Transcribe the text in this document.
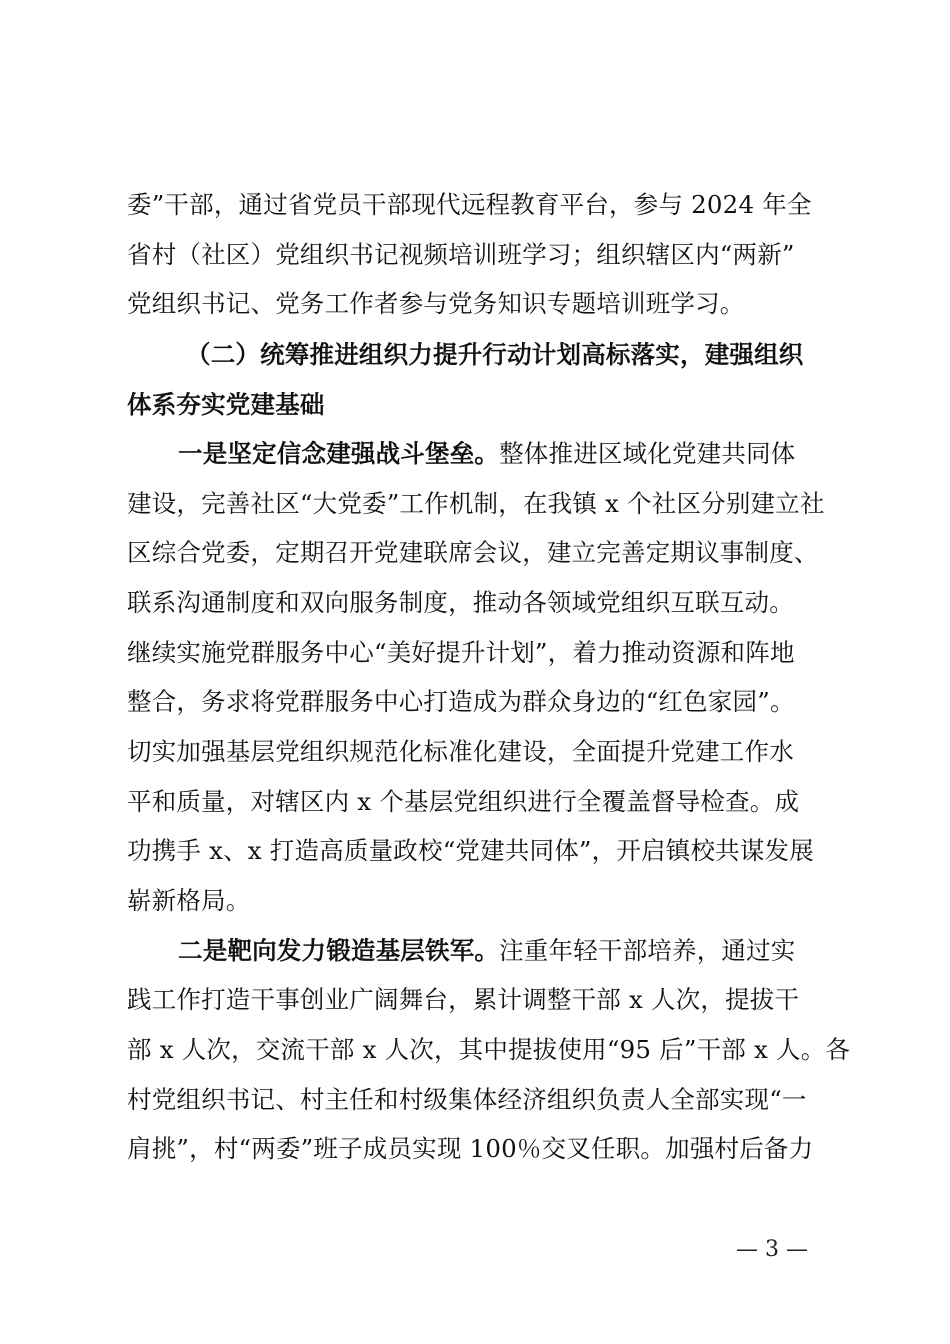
委”干部，通过省党员干部现代远程教育平台，参与 2024 年全
省村（社区）党组织书记视频培训班学习；组织辖区内“两新”
党组织书记、党务工作者参与党务知识专题培训班学习。
（二）统筹推进组织力提升行动计划高标落实，建强组织
体系夯实党建基础
一是坚定信念建强战斗堡垒。整体推进区域化党建共同体
建设，完善社区“大党委”工作机制，在我镇 x 个社区分别建立社
区综合党委，定期召开党建联席会议，建立完善定期议事制度、
联系沟通制度和双向服务制度，推动各领域党组织互联互动。
继续实施党群服务中心“美好提升计划”，着力推动资源和阵地
整合，务求将党群服务中心打造成为群众身边的“红色家园”。
切实加强基层党组织规范化标准化建设，全面提升党建工作水
平和质量，对辖区内 x 个基层党组织进行全覆盖督导检查。成
功携手 x、x 打造高质量政校“党建共同体”，开启镇校共谋发展
崭新格局。
二是靶向发力锻造基层铁军。注重年轻干部培养，通过实
践工作打造干事创业广阔舞台，累计调整干部 x 人次，提拔干
部 x 人次，交流干部 x 人次，其中提拔使用“95 后”干部 x 人。各
村党组织书记、村主任和村级集体经济组织负责人全部实现“一
肩挑”，村“两委”班子成员实现 100％交叉任职。加强村后备力
— 3 —
